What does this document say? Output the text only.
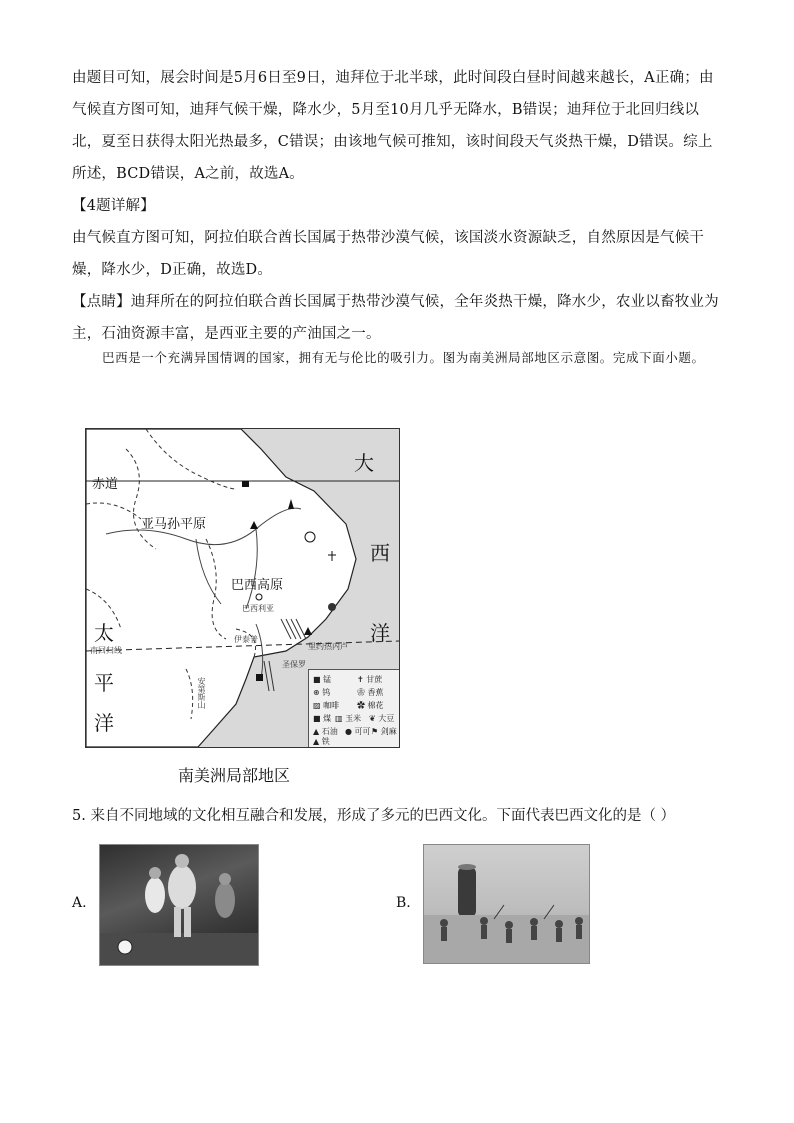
由题目可知，展会时间是5月6日至9日，迪拜位于北半球，此时间段白昼时间越来越长，A正确；由气候直方图可知，迪拜气候干燥，降水少，5月至10月几乎无降水，B错误；迪拜位于北回归线以北，夏至日获得太阳光热最多，C错误；由该地气候可推知，该时间段天气炎热干燥，D错误。综上所述，BCD错误，A之前，故选A。
【4题详解】
由气候直方图可知，阿拉伯联合酋长国属于热带沙漠气候，该国淡水资源缺乏，自然原因是气候干燥，降水少，D正确，故选D。
【点睛】迪拜所在的阿拉伯联合酋长国属于热带沙漠气候，全年炎热干燥，降水少，农业以畜牧业为主，石油资源丰富，是西亚主要的产油国之一。
巴西是一个充满异国情调的国家，拥有无与伦比的吸引力。图为南美洲局部地区示意图。完成下面小题。
赤道
亚马孙平原
巴西高原
巴西利亚
大
西
洋
太
平
洋
南回归线
伊泰普
里约热内卢
圣保罗
安第斯山	■ 锰	✝ 甘蔗
⊛ 钨	❀ 香蕉
▨ 咖啡 ✿ 棉花
■ 煤 ▥ 玉米 ❦ 大豆
▲ 石油 ● 可可 ⚑ 剑麻
▲ 铁
南美洲局部地区
5. 来自不同地域的文化相互融合和发展，形成了多元的巴西文化。下面代表巴西文化的是（ ）
A.	B.
